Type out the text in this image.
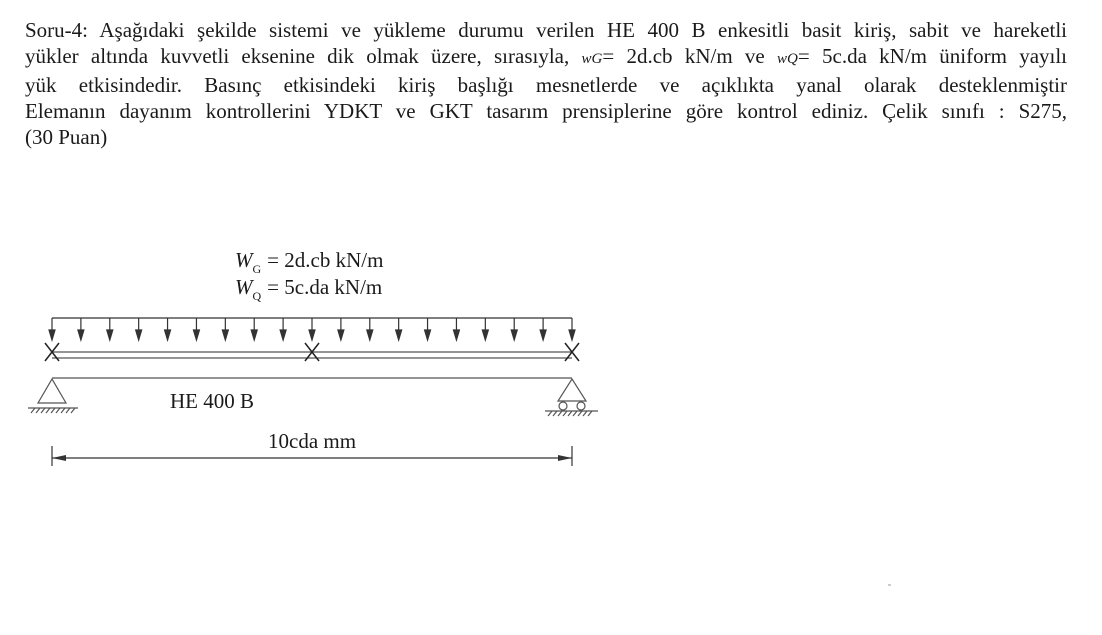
Soru-4: Aşağıdaki şekilde sistemi ve yükleme durumu verilen HE 400 B enkesitli basit kiriş, sabit ve hareketli
yükler altında kuvvetli eksenine dik olmak üzere, sırasıyla, wG= 2d.cb kN/m ve wQ= 5c.da kN/m üniform yayılı
yük etkisindedir. Basınç etkisindeki kiriş başlığı mesnetlerde ve açıklıkta yanal olarak desteklenmiştir
Elemanın dayanım kontrollerini YDKT ve GKT tasarım prensiplerine göre kontrol ediniz. Çelik sınıfı : S275,
(30 Puan)
$W_G = 2d.cb$ kN/m
$W_Q = 5c.da$ kN/m
HE 400 B
10cda mm
